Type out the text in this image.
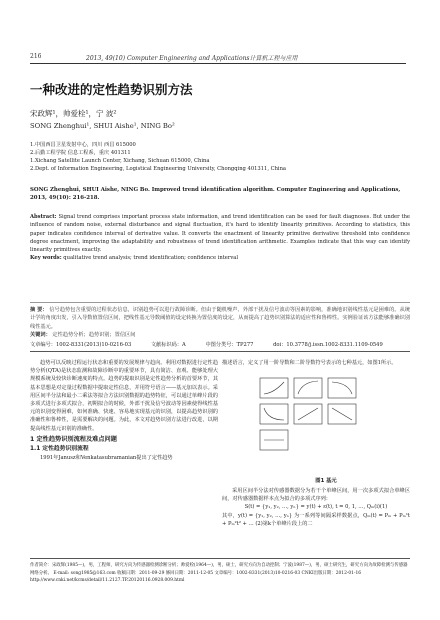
216	2013, 49(10) Computer Engineering and Applications计算机工程与应用
一种改进的定性趋势识别方法
宋政辉¹，帅爱栓¹，宁 波²
SONG Zhenghui¹, SHUI Aishe¹, NING Bo²
1.中国西昌卫星发射中心，四川 西昌 615000
2.后勤工程学院 信息工程系，重庆 401311
1.Xichang Satellite Launch Center, Xichang, Sichuan 615000, China
2.Dept. of Information Engineering, Logistical Engineering University, Chongqing 401311, China
SONG Zhenghui, SHUI Aishe, NING Bo. Improved trend identification algorithm. Computer Engineering and Applications, 2013, 49(10): 216-218.
Abstract: Signal trend comprises important process state information, and trend identification can be used for fault diagnoses. But under the influence of random noise, external disturbance and signal fluctuation, it's hard to identify linearity primitives. According to statistics, this paper indicates confidence interval of derivative value. It converts the enactment of linearity primitive derivative threshold into confidence degree enactment, improving the adaptability and robustness of trend identification arithmetic. Examples indicate that this way can identify linearity primitives exactly.
Key words: qualitative trend analysis; trend identification; confidence interval
摘 要： 信号趋势包含重要的过程状态信息，识别趋势可以进行故障诊断。但由于随机噪声、外部干扰及信号波动等因素的影响，准确地识别线性基元是困难的。从统计学的角度出发，引入导数值置信区间，把线性基元导数阈值的设定转换为置信度的设定，从而提高了趋势识别算法的适应性和鲁棒性。实例验证该方法能够准确识别线性基元。
关键词： 定性趋势分析；趋势识别；置信区间
文章编号：1002-8331(2013)10-0216-03	文献标识码：A	中图分类号：TP277	doi：10.3778/j.issn.1002-8331.1109-0549
趋势可以反映过程运行状态和重要的发展规律与趋向。利用对数据进行定性趋势分析(QTA)是状态监测和故障诊断中的重要环节，具有简洁、直观、能够处理大规模系统及较快诊断速度的特点。趋势的提取识别是定性趋势分析的首要环节，其基本思想是对定量过程数据中提取定性信息，并用符号语言——基元加以表示。采用区间半分法和最小二乘法等拟合方法识别数据的趋势特征，可以通过单峰片段的多项式进行多项式拟合，初期拟合的时候，外部干扰及信号波动等因素使得线性基元的识别变得困难，如何准确、快速、容易地实现基元的识别，以提高趋势识别的准确性和鲁棒性，是需要解决的问题。为此，本文对趋势识别方法进行改进，以期提高线性基元识别的准确性。
1 定性趋势识别流程及难点问题
1.1 定性趋势识别流程
1991年Janusz和Venkatasubramanian提出了定性趋势
描述语言，定义了用一阶导数和二阶导数符号表示的七种基元，如图1所示。
图1 基元
采用区间半分法对传感器数据分为若干个单峰区间，用一次多项式拟合单峰区间，对传感器数据样本点为拟合的多项式序列：
S(t) = {y₁, y₂, …, yₙ} = y(t) + ε(t), t = 0, 1, …, Qₘ(i)(1)
其中，y(t) = {y₁, y₂, …, yₙ} 为一系列等间隔采样数据点，Qₘ(t) = Pₘ + Pₘ¹t + Pₘ²t² + … (2)第k个单峰片段上的二
作者简介：宋政辉(1985—)，男，工程师，研究方向为传感器检测诊断分析；帅爱栓(1964—)，男，硕士，研究方向为自动控制；宁波(1987—)，男，硕士研究生，研究方向为故障检测与传感器网络分析。 E-mail: song1985@163.com 收稿日期：2011-09-29 修回日期：2011-12-05 文章编号：1002-8331(2013)10-0216-03 CNKI出版日期：2012-01-16 http://www.cnki.net/kcms/detail/11.2127.TP.20120116.0928.009.html
